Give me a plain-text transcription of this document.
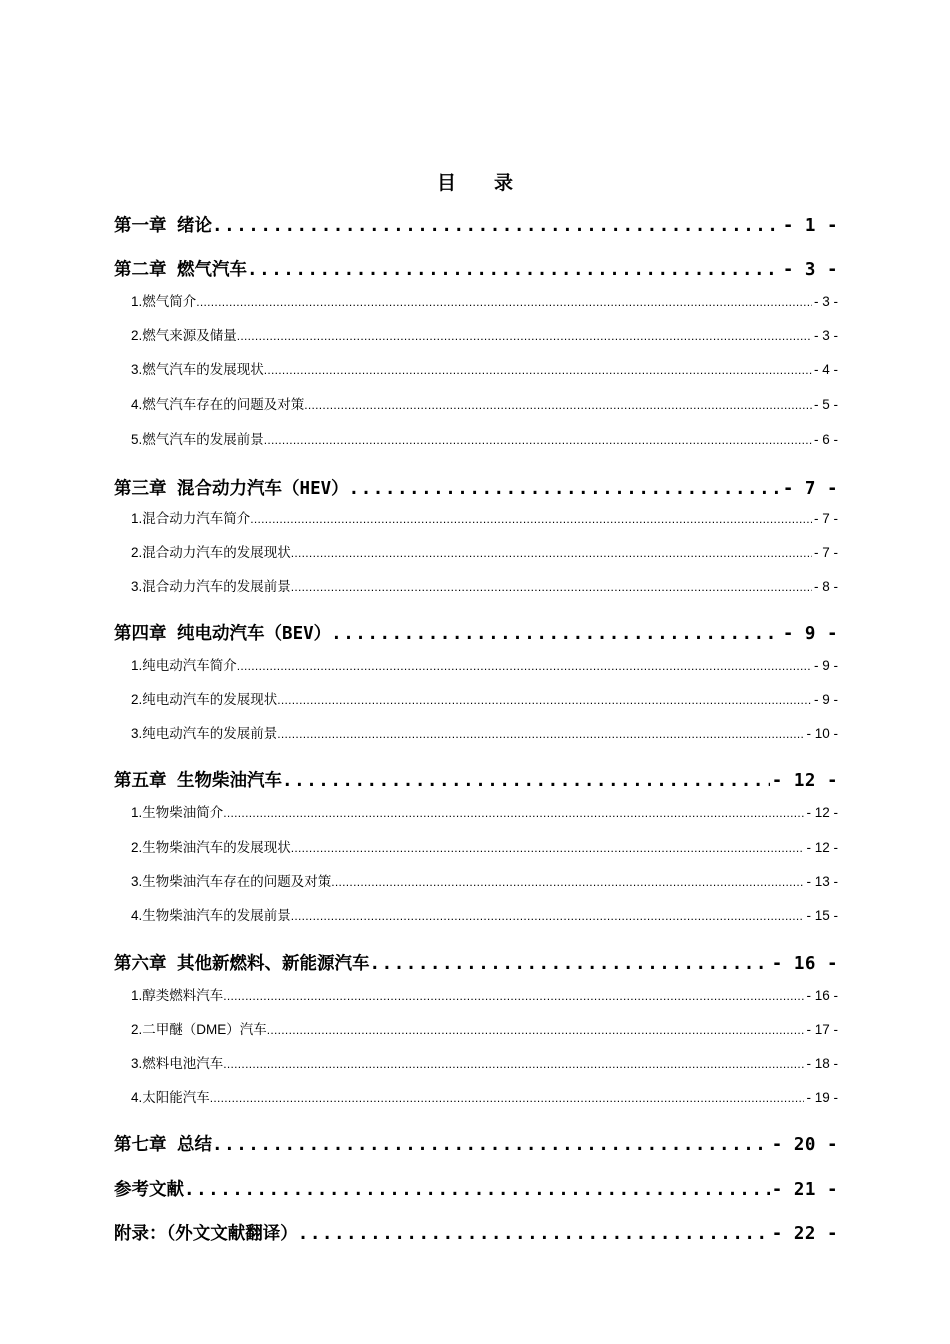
目 录
第一章 绪论 . . .	- 1 -
第二章 燃气汽车 . . .	- 3 -
1.燃气简介 .....	- 3 -
2.燃气来源及储量 .....	- 3 -
3.燃气汽车的发展现状 .....	- 4 -
4.燃气汽车存在的问题及对策 .....	- 5 -
5.燃气汽车的发展前景 .....	- 6 -
第三章 混合动力汽车（HEV） . . .	- 7 -
1.混合动力汽车简介 .....	- 7 -
2.混合动力汽车的发展现状 .....	- 7 -
3.混合动力汽车的发展前景 .....	- 8 -
第四章 纯电动汽车（BEV） . . .	- 9 -
1.纯电动汽车简介 .....	- 9 -
2.纯电动汽车的发展现状 .....	- 9 -
3.纯电动汽车的发展前景 .....	- 10 -
第五章 生物柴油汽车 . . .	- 12 -
1.生物柴油简介 .....	- 12 -
2.生物柴油汽车的发展现状 .....	- 12 -
3.生物柴油汽车存在的问题及对策 .....	- 13 -
4.生物柴油汽车的发展前景 .....	- 15 -
第六章 其他新燃料、新能源汽车 . . .	- 16 -
1.醇类燃料汽车 .....	- 16 -
2.二甲醚（DME）汽车 .....	- 17 -
3.燃料电池汽车 .....	- 18 -
4.太阳能汽车 .....	- 19 -
第七章 总结 . . .	- 20 -
参考文献 . . .	- 21 -
附录：（外文文献翻译） . . .	- 22 -
